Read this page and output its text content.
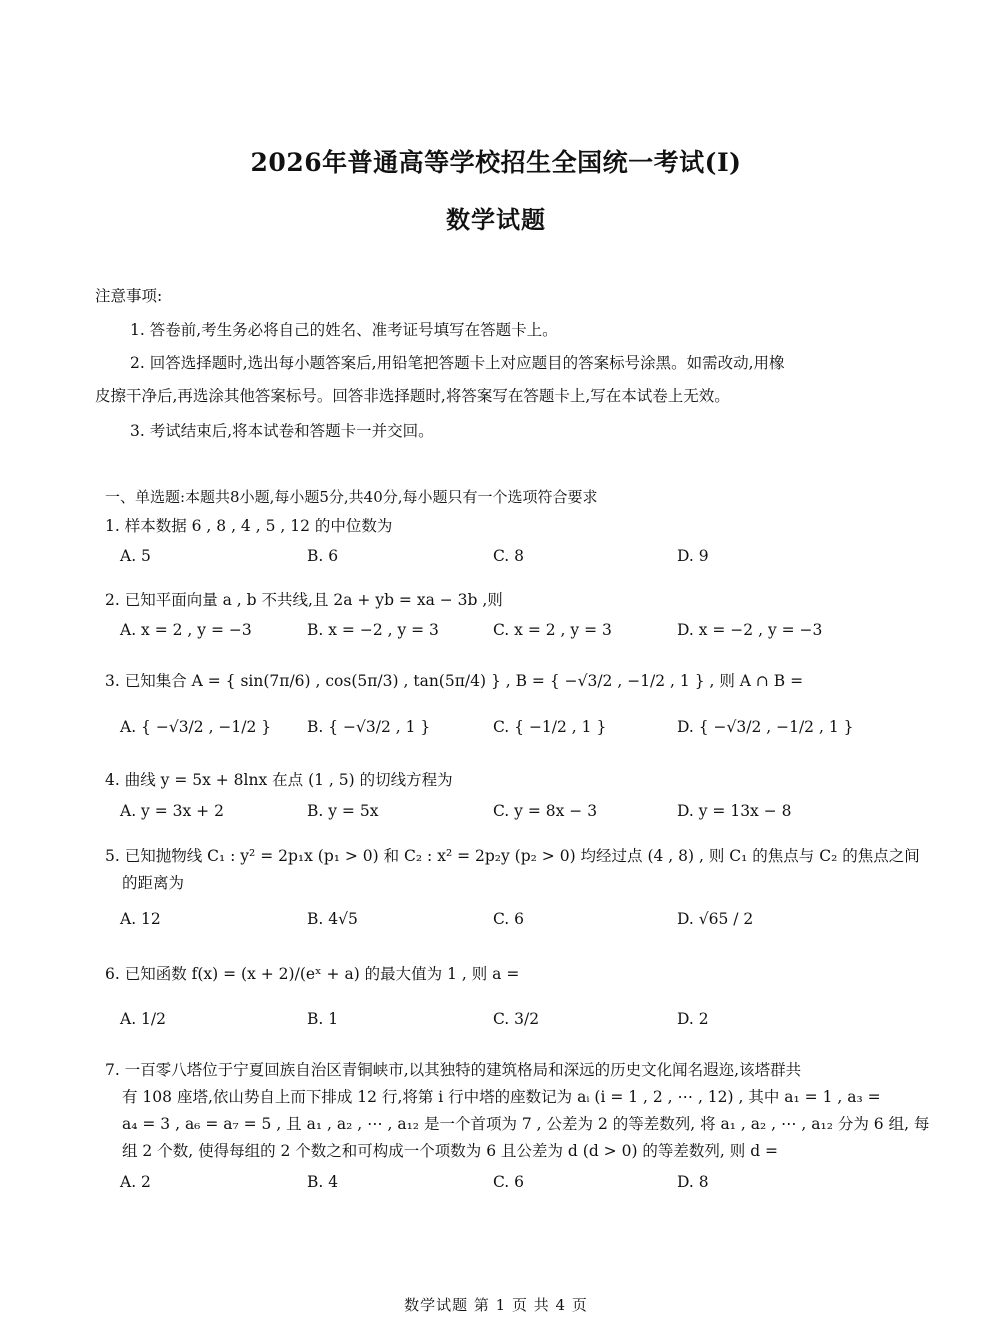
2026年普通高等学校招生全国统一考试(I)
数学试题
注意事项:
1. 答卷前,考生务必将自己的姓名、准考证号填写在答题卡上。
2. 回答选择题时,选出每小题答案后,用铅笔把答题卡上对应题目的答案标号涂黑。如需改动,用橡
皮擦干净后,再选涂其他答案标号。回答非选择题时,将答案写在答题卡上,写在本试卷上无效。
3. 考试结束后,将本试卷和答题卡一并交回。
一、单选题:本题共8小题,每小题5分,共40分,每小题只有一个选项符合要求
1. 样本数据 6 , 8 , 4 , 5 , 12 的中位数为
A. 5	B. 6	C. 8	D. 9
2. 已知平面向量 a , b 不共线,且 2a + yb = xa − 3b ,则
A. x = 2 , y = −3	B. x = −2 , y = 3	C. x = 2 , y = 3	D. x = −2 , y = −3
3. 已知集合 A = { sin(7π/6) , cos(5π/3) , tan(5π/4) } , B = { −√3/2 , −1/2 , 1 } , 则 A ∩ B =
A. { −√3/2 , −1/2 } B. { −√3/2 , 1 }	C. { −1/2 , 1 }	D. { −√3/2 , −1/2 , 1 }
4. 曲线 y = 5x + 8lnx 在点 (1 , 5) 的切线方程为
A. y = 3x + 2	B. y = 5x	C. y = 8x − 3	D. y = 13x − 8
5. 已知抛物线 C₁ : y² = 2p₁x (p₁ > 0) 和 C₂ : x² = 2p₂y (p₂ > 0) 均经过点 (4 , 8) , 则 C₁ 的焦点与 C₂ 的焦点之间
的距离为
A. 12	B. 4√5	C. 6	D. √65 / 2
6. 已知函数 f(x) = (x + 2)/(eˣ + a) 的最大值为 1 , 则 a =
A. 1/2	B. 1	C. 3/2	D. 2
7. 一百零八塔位于宁夏回族自治区青铜峡市,以其独特的建筑格局和深远的历史文化闻名遐迩,该塔群共
有 108 座塔,依山势自上而下排成 12 行,将第 i 行中塔的座数记为 aᵢ (i = 1 , 2 , ⋯ , 12) , 其中 a₁ = 1 , a₃ =
a₄ = 3 , a₆ = a₇ = 5 , 且 a₁ , a₂ , ⋯ , a₁₂ 是一个首项为 7 , 公差为 2 的等差数列, 将 a₁ , a₂ , ⋯ , a₁₂ 分为 6 组, 每
组 2 个数, 使得每组的 2 个数之和可构成一个项数为 6 且公差为 d (d > 0) 的等差数列, 则 d =
A. 2	B. 4	C. 6	D. 8
数学试题 第 1 页 共 4 页
